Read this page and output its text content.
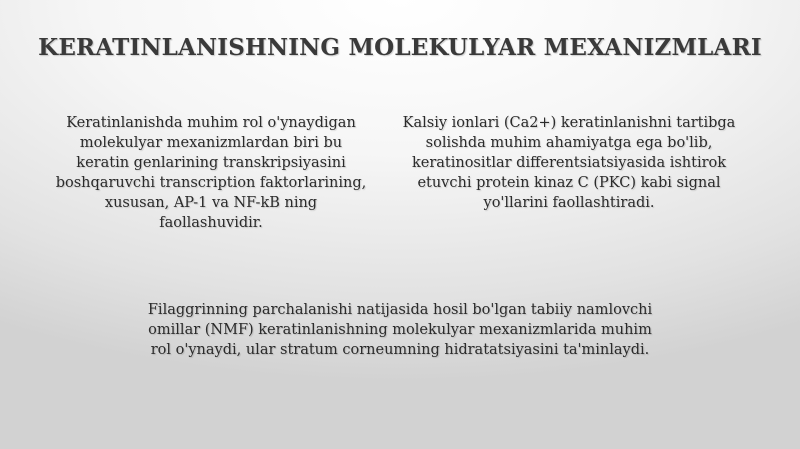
KERATINLANISHNING MOLEKULYAR MEXANIZMLARI
Keratinlanishda muhim rol o'ynaydigan molekulyar mexanizmlardan biri bu keratin genlarining transkripsiyasini boshqaruvchi transcription faktorlarining, xususan, AP-1 va NF-kB ning faollashuvidir.
Kalsiy ionlari (Ca2+) keratinlanishni tartibga solishda muhim ahamiyatga ega bo'lib, keratinositlar differentsiatsiyasida ishtirok etuvchi protein kinaz C (PKC) kabi signal yo'llarini faollashtiradi.
Filaggrinning parchalanishi natijasida hosil bo'lgan tabiiy namlovchi omillar (NMF) keratinlanishning molekulyar mexanizmlarida muhim rol o'ynaydi, ular stratum corneumning hidratatsiyasini ta'minlaydi.
